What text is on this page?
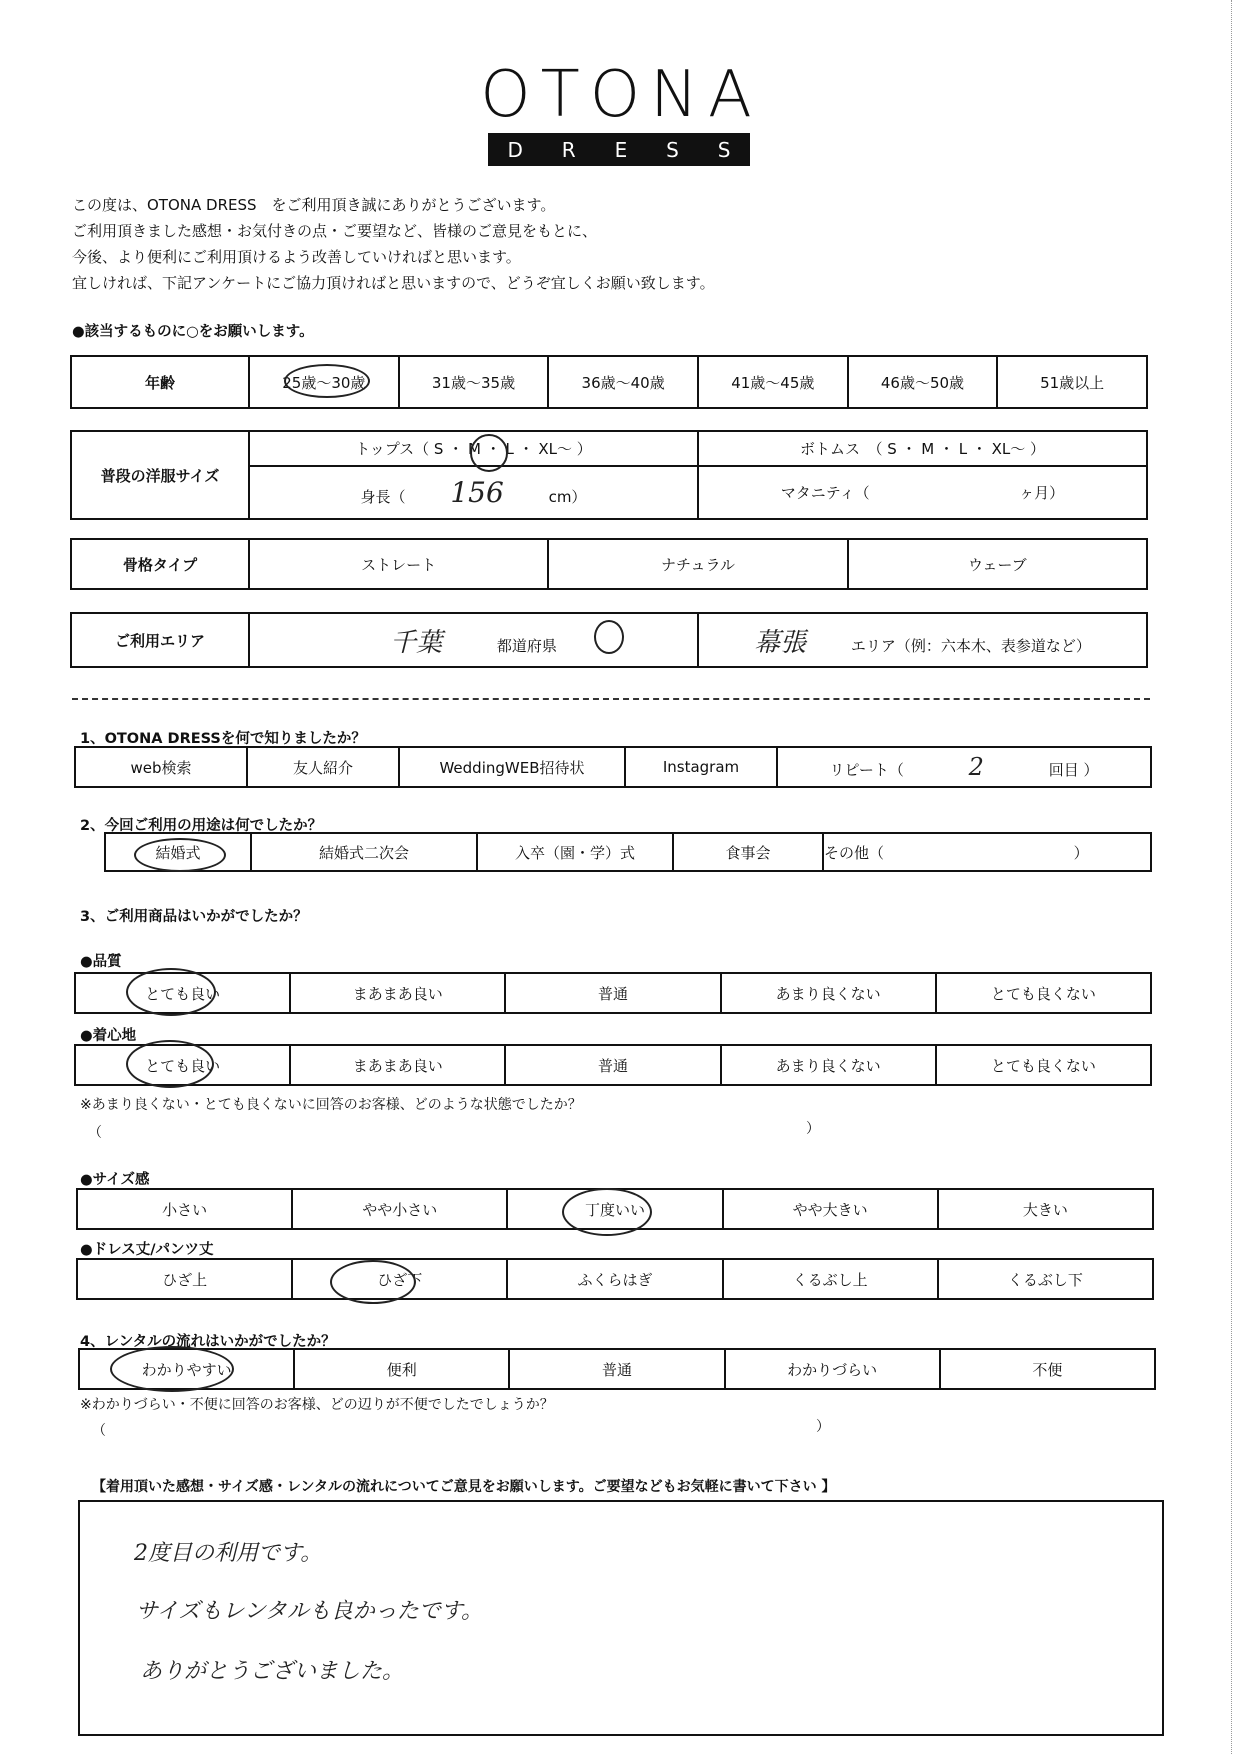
OTONA
D R E S S
この度は、OTONA DRESS　をご利用頂き誠にありがとうございます。
ご利用頂きました感想・お気付きの点・ご要望など、皆様のご意見をもとに、
今後、より便利にご利用頂けるよう改善していければと思います。
宜しければ、下記アンケートにご協力頂ければと思いますので、どうぞ宜しくお願い致します。
●該当するものに○をお願いします。
年齢	25歳〜30歳	31歳〜35歳	36歳〜40歳	41歳〜45歳	46歳〜50歳	51歳以上
普段の洋服サイズ	トップス（ S ・ M ・ L ・ XL〜 ）	ボトムス　（ S ・ M ・ L ・ XL〜 ）
	身長（ 156 cm）	マタニティ（ ヶ月）
骨格タイプ	ストレート	ナチュラル	ウェーブ
ご利用エリア	千葉	都道府県	幕張	エリア（例：六本木、表参道など）
1、OTONA DRESSを何で知りましたか？
web検索	友人紹介	WeddingWEB招待状	Instagram	リピート（	2	回目 ）
2、今回ご利用の用途は何でしたか？
結婚式	結婚式二次会	入卒（園・学）式	食事会	その他（	）
3、ご利用商品はいかがでしたか？
●品質
とても良い	まあまあ良い	普通	あまり良くない	とても良くない
●着心地
とても良い	まあまあ良い	普通	あまり良くない	とても良くない
※あまり良くない・とても良くないに回答のお客様、どのような状態でしたか？
（	）
●サイズ感
小さい	やや小さい	丁度いい	やや大きい	大きい
●ドレス丈/パンツ丈
ひざ上	ひざ下	ふくらはぎ	くるぶし上	くるぶし下
4、レンタルの流れはいかがでしたか？
わかりやすい	便利	普通	わかりづらい	不便
※わかりづらい・不便に回答のお客様、どの辺りが不便でしたでしょうか？
（	）
【着用頂いた感想・サイズ感・レンタルの流れについてご意見をお願いします。ご要望などもお気軽に書いて下さい 】
2度目の利用です。
サイズもレンタルも良かったです。
ありがとうございました。
